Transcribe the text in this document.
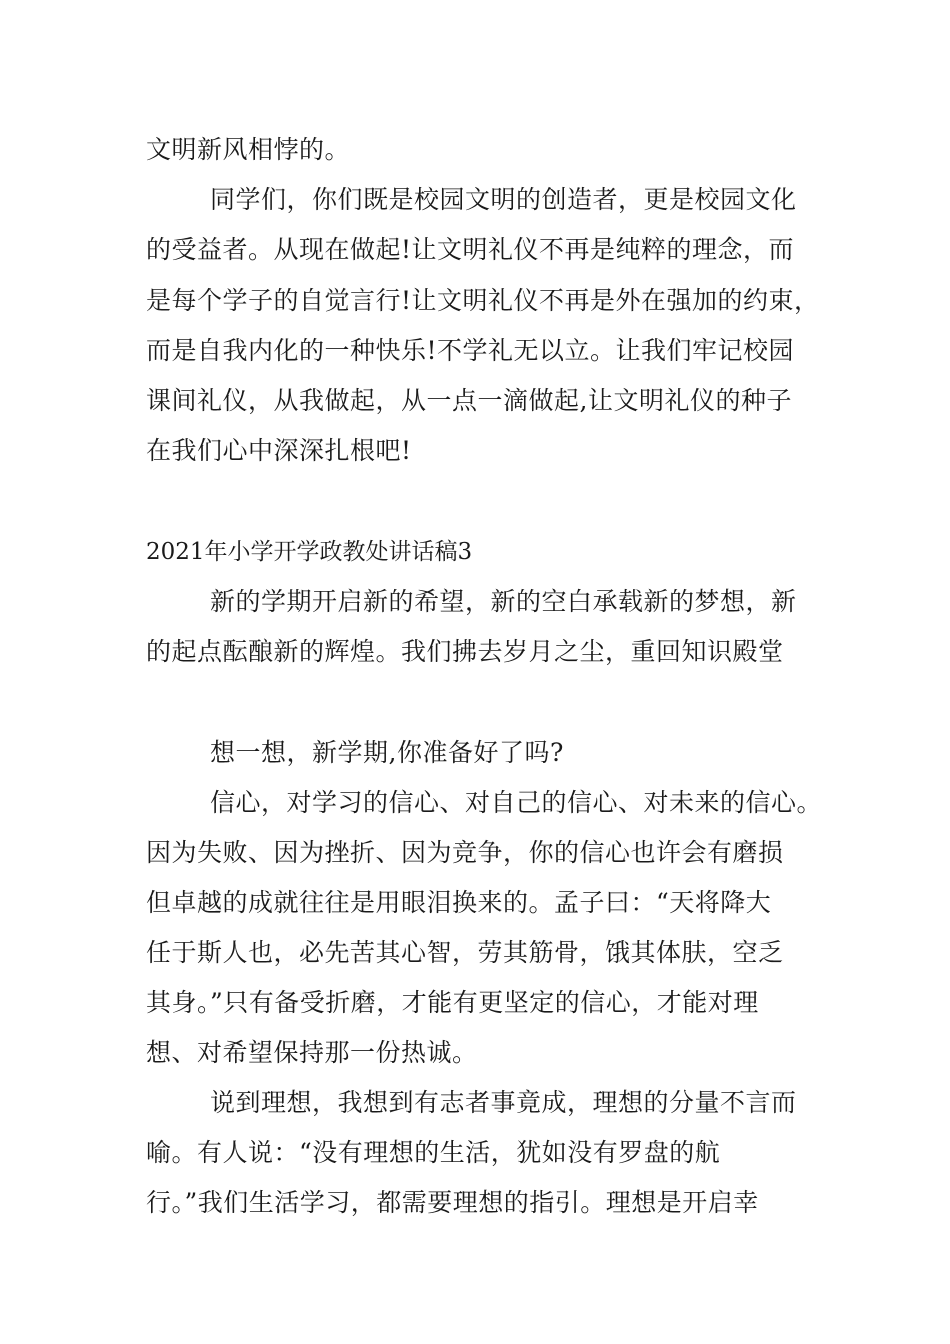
文明新风相悖的。
同学们，你们既是校园文明的创造者，更是校园文化
的受益者。从现在做起!让文明礼仪不再是纯粹的理念，而
是每个学子的自觉言行!让文明礼仪不再是外在强加的约束，
而是自我内化的一种快乐!不学礼无以立。让我们牢记校园
课间礼仪，从我做起，从一点一滴做起,让文明礼仪的种子
在我们心中深深扎根吧!
2021年小学开学政教处讲话稿3
新的学期开启新的希望，新的空白承载新的梦想，新
的起点酝酿新的辉煌。我们拂去岁月之尘，重回知识殿堂
想一想，新学期,你准备好了吗?
信心，对学习的信心、对自己的信心、对未来的信心。
因为失败、因为挫折、因为竞争，你的信心也许会有磨损
但卓越的成就往往是用眼泪换来的。孟子曰：“天将降大
任于斯人也，必先苦其心智，劳其筋骨，饿其体肤，空乏
其身。”只有备受折磨，才能有更坚定的信心，才能对理
想、对希望保持那一份热诚。
说到理想，我想到有志者事竟成，理想的分量不言而
喻。有人说：“没有理想的生活，犹如没有罗盘的航
行。”我们生活学习，都需要理想的指引。理想是开启幸
